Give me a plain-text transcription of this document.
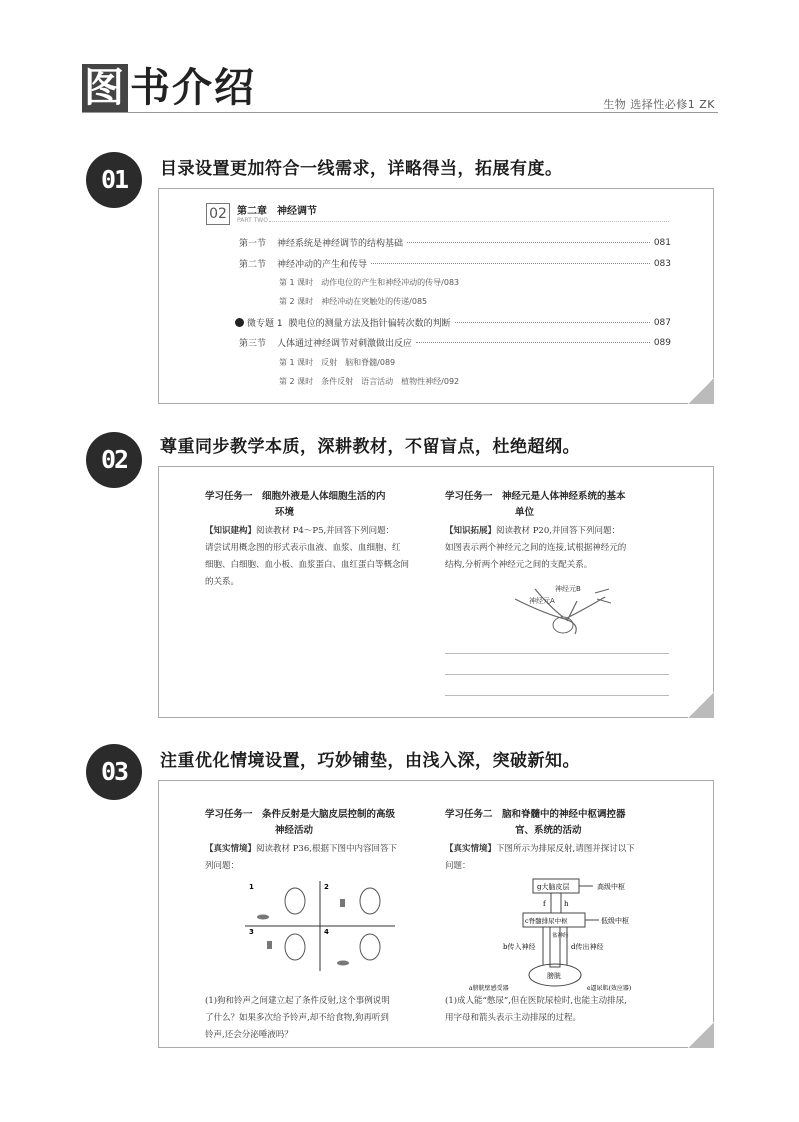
图 书介绍	生物 选择性必修1 ZK
01	目录设置更加符合一线需求，详略得当，拓展有度。
02	第二章　 神经调节
PART TWO
第一节	神经系统是神经调节的结构基础	081
第二节	神经冲动的产生和传导	083
第 1 课时　动作电位的产生和神经冲动的传导/083
第 2 课时　神经冲动在突触处的传递/085
微专题 1 膜电位的测量方法及指针偏转次数的判断	087
第三节	人体通过神经调节对刺激做出反应	089
第 1 课时　反射　脑和脊髓/089
第 2 课时　条件反射　语言活动　植物性神经/092
02	尊重同步教学本质，深耕教材，不留盲点，杜绝超纲。
学习任务一　细胞外液是人体细胞生活的内
环境
【知识建构】阅读教材 P4～P5,并回答下列问题：
请尝试用概念图的形式表示血液、血浆、血细胞、红
细胞、白细胞、血小板、血浆蛋白、血红蛋白等概念间
的关系。
学习任务一　神经元是人体神经系统的基本
单位
【知识拓展】阅读教材 P20,并回答下列问题：
如图表示两个神经元之间的连接,试根据神经元的
结构,分析两个神经元之间的支配关系。
神经元B
神经元A
03	注重优化情境设置，巧妙铺垫，由浅入深，突破新知。
学习任务一　条件反射是大脑皮层控制的高级
神经活动
【真实情境】阅读教材 P36,根据下图中内容回答下
列问题：
1	2
3	4
(1)狗和铃声之间建立起了条件反射,这个事例说明
了什么？如果多次给予铃声,却不给食物,狗再听到
铃声,还会分泌唾液吗？
学习任务二　脑和脊髓中的神经中枢调控器
官、系统的活动
【真实情境】下图所示为排尿反射,请图并探讨以下
问题：
g大脑皮层	高级中枢
f	h
c脊髓排尿中枢	低级中枢
盆神经
b传入神经	d传出神经
膀胱
a膀胱壁感受器	e逼尿肌(效应器)
(1)成人能“憋尿”,但在医院尿检时,也能主动排尿,
用字母和箭头表示主动排尿的过程。
